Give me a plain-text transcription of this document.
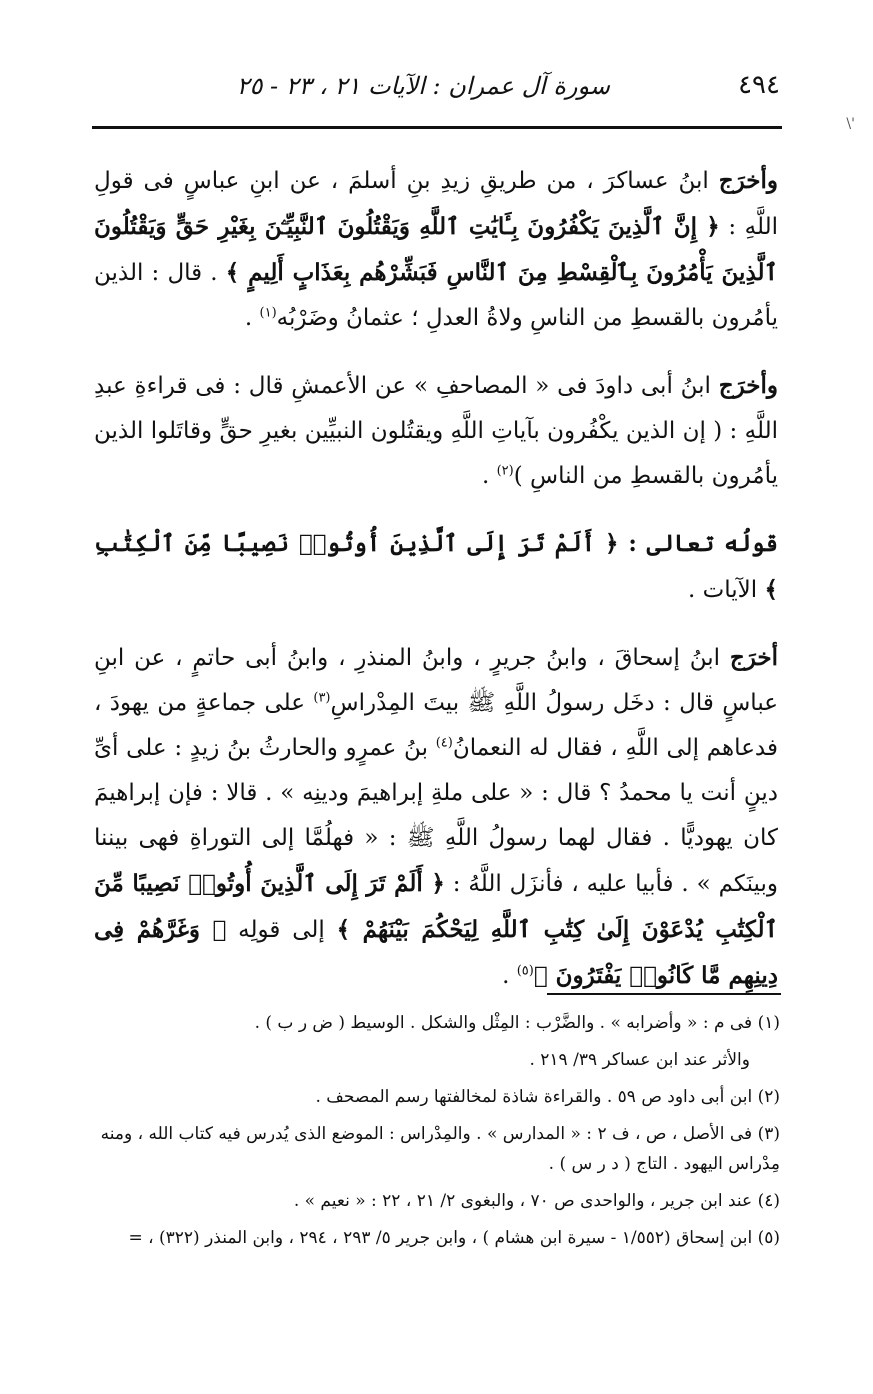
٤٩٤
سورة آل عمران : الآيات ٢١ ، ٢٣ - ٢٥
\'

وأخرَج ابنُ عساكرَ ، من طريقِ زيدِ بنِ أسلمَ ، عن ابنِ عباسٍ فى قولِ اللَّهِ : ﴿ إِنَّ ٱلَّذِينَ يَكْفُرُونَ بِـَٔايَٰتِ ٱللَّهِ وَيَقْتُلُونَ ٱلنَّبِيِّـۧنَ بِغَيْرِ حَقٍّ وَيَقْتُلُونَ ٱلَّذِينَ يَأْمُرُونَ بِٱلْقِسْطِ مِنَ ٱلنَّاسِ فَبَشِّرْهُم بِعَذَابٍ أَلِيمٍ ﴾ . قال : الذين يأمُرون بالقسطِ من الناسِ ولاةُ العدلِ ؛ عثمانُ وضَرْبُه$^{(١)}$ .

وأخرَج ابنُ أبى داودَ فى « المصاحفِ » عن الأعمشِ قال : فى قراءةِ عبدِ اللَّهِ : ( إن الذين يكْفُرون بآياتِ اللَّهِ ويقتُلون النبيِّين بغيرِ حقٍّ وقاتَلوا الذين يأمُرون بالقسطِ من الناسِ )$^{(٢)}$ .

قولُه تعالى : ﴿ أَلَمْ تَرَ إِلَى ٱلَّذِينَ أُوتُوا۟ نَصِيبًا مِّنَ ٱلْكِتَٰبِ ﴾ الآيات .

أخرَج ابنُ إسحاقَ ، وابنُ جريرٍ ، وابنُ المنذرِ ، وابنُ أبى حاتمٍ ، عن ابنِ عباسٍ قال : دخَل رسولُ اللَّهِ ﷺ بيتَ المِدْراسِ$^{(٣)}$ على جماعةٍ من يهودَ ، فدعاهم إلى اللَّهِ ، فقال له النعمانُ$^{(٤)}$ بنُ عمرٍو والحارثُ بنُ زيدٍ : على أىِّ دينٍ أنت يا محمدُ ؟ قال : « على ملةِ إبراهيمَ ودينِه » . قالا : فإن إبراهيمَ كان يهوديًّا . فقال لهما رسولُ اللَّهِ ﷺ : « فهلُمَّا إلى التوراةِ فهى بيننا وبينَكم » . فأبيا عليه ، فأنزَل اللَّهُ : ﴿ أَلَمْ تَرَ إِلَى ٱلَّذِينَ أُوتُوا۟ نَصِيبًا مِّنَ ٱلْكِتَٰبِ يُدْعَوْنَ إِلَىٰ كِتَٰبِ ٱللَّهِ لِيَحْكُمَ بَيْنَهُمْ ﴾ إلى قولِه ﴿ وَغَرَّهُمْ فِى دِينِهِم مَّا كَانُوا۟ يَفْتَرُونَ ﴾$^{(٥)}$ .

(١) فى م : « وأضرابه » . والضَّرْب : المِثْل والشكل . الوسيط ( ض ر ب ) .

والأثر عند ابن عساكر ٣٩/ ٢١٩ .

(٢) ابن أبى داود ص ٥٩ . والقراءة شاذة لمخالفتها رسم المصحف .

(٣) فى الأصل ، ص ، ف ٢ : « المدارس » . والمِدْراس : الموضع الذى يُدرس فيه كتاب الله ، ومنه مِدْراس اليهود . التاج ( د ر س ) .

(٤) عند ابن جرير ، والواحدى ص ٧٠ ، والبغوى ٢/ ٢١ ، ٢٢ : « نعيم » .

(٥) ابن إسحاق (١/٥٥٢ - سيرة ابن هشام ) ، وابن جرير ٥/ ٢٩٣ ، ٢٩٤ ، وابن المنذر (٣٢٢) ، =
